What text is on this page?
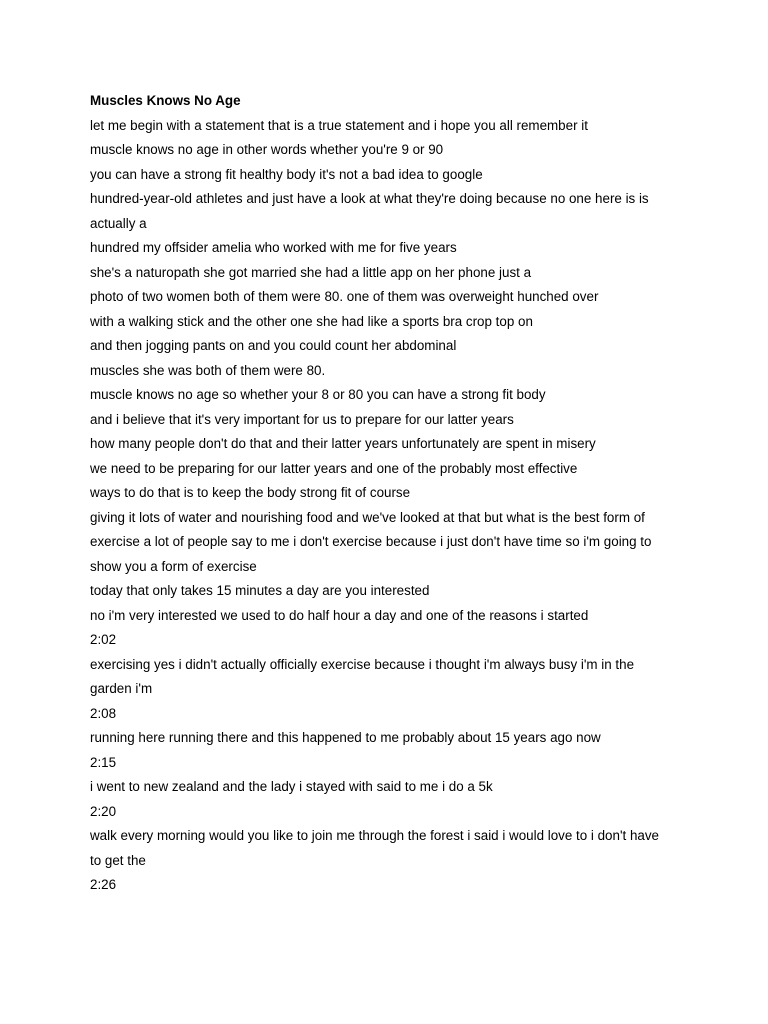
Muscles Knows No Age

let me begin with a statement that is a true statement and i hope you all remember it

muscle knows no age in other words whether you're 9 or 90

you can have a strong fit healthy body it's not a bad idea to google

hundred-year-old athletes and just have a look at what they're doing because no one here is is

actually a

hundred my offsider amelia who worked with me for five years

she's a naturopath she got married she had a little app on her phone just a

photo of two women both of them were 80. one of them was overweight hunched over

with a walking stick and the other one she had like a sports bra crop top on

and then jogging pants on and you could count her abdominal

muscles she was both of them were 80.

muscle knows no age so whether your 8 or 80 you can have a strong fit body

and i believe that it's very important for us to prepare for our latter years

how many people don't do that and their latter years unfortunately are spent in misery

we need to be preparing for our latter years and one of the probably most effective

ways to do that is to keep the body strong fit of course

giving it lots of water and nourishing food and we've looked at that but what is the best form of

exercise a lot of people say to me i don't exercise because i just don't have time so i'm going to

show you a form of exercise

today that only takes 15 minutes a day are you interested

no i'm very interested we used to do half hour a day and one of the reasons i started

2:02

exercising yes i didn't actually officially exercise because i thought i'm always busy i'm in the

garden i'm

2:08

running here running there and this happened to me probably about 15 years ago now

2:15

i went to new zealand and the lady i stayed with said to me i do a 5k

2:20

walk every morning would you like to join me through the forest i said i would love to i don't have

to get the

2:26
